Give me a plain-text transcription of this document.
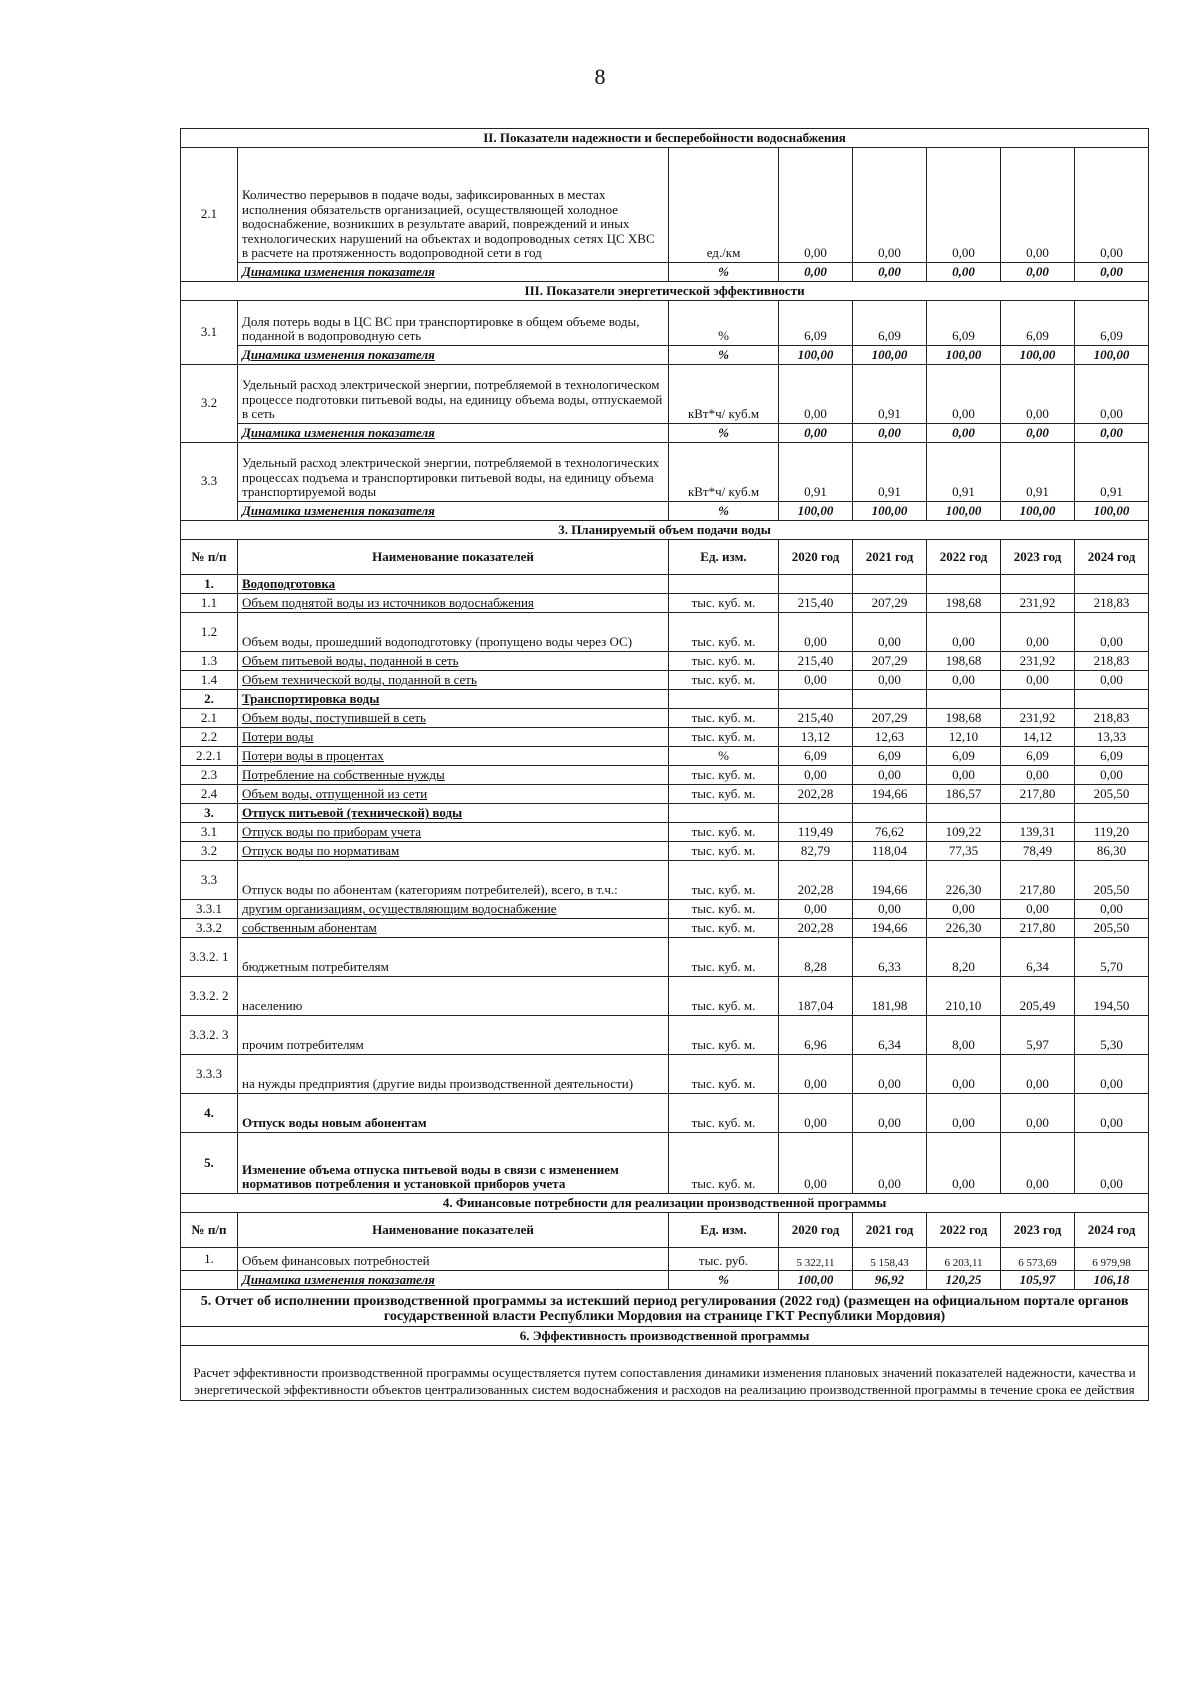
8
II. Показатели надежности и бесперебойности водоснабжения							
2.1	Количество перерывов в подаче воды, зафиксированных в местах исполнения обязательств организацией, осуществляющей холодное водоснабжение, возникших в результате аварий, повреждений и иных технологических нарушений на объектах и водопроводных сетях ЦС ХВС в расчете на протяженность водопроводной сети в год	ед./км	0,00	0,00	0,00	0,00	0,00
	Динамика изменения показателя	%	0,00	0,00	0,00	0,00	0,00
III. Показатели энергетической эффективности							
3.1	Доля потерь воды в ЦС ВС при транспортировке в общем объеме воды, поданной в водопроводную сеть	%	6,09	6,09	6,09	6,09	6,09
	Динамика изменения показателя	%	100,00	100,00	100,00	100,00	100,00
3.2	Удельный расход электрической энергии, потребляемой в технологическом процессе подготовки питьевой воды, на единицу объема воды, отпускаемой в сеть	кВт*ч/ куб.м	0,00	0,91	0,00	0,00	0,00
	Динамика изменения показателя	%	0,00	0,00	0,00	0,00	0,00
3.3	Удельный расход электрической энергии, потребляемой в технологических процессах подъема и транспортировки питьевой воды, на единицу объема транспортируемой воды	кВт*ч/ куб.м	0,91	0,91	0,91	0,91	0,91
	Динамика изменения показателя	%	100,00	100,00	100,00	100,00	100,00
3. Планируемый объем подачи воды							
№ п/п	Наименование показателей	Ед. изм.	2020 год	2021 год	2022 год	2023 год	2024 год
1.	Водоподготовка						
1.1	Объем поднятой воды из источников водоснабжения	тыс. куб. м.	215,40	207,29	198,68	231,92	218,83
1.2	Объем воды, прошедший водоподготовку (пропущено воды через ОС)	тыс. куб. м.	0,00	0,00	0,00	0,00	0,00
1.3	Объем питьевой воды, поданной в сеть	тыс. куб. м.	215,40	207,29	198,68	231,92	218,83
1.4	Объем технической воды, поданной в сеть	тыс. куб. м.	0,00	0,00	0,00	0,00	0,00
2.	Транспортировка воды						
2.1	Объем воды, поступившей в сеть	тыс. куб. м.	215,40	207,29	198,68	231,92	218,83
2.2	Потери воды	тыс. куб. м.	13,12	12,63	12,10	14,12	13,33
2.2.1	Потери воды в процентах	%	6,09	6,09	6,09	6,09	6,09
2.3	Потребление на собственные нужды	тыс. куб. м.	0,00	0,00	0,00	0,00	0,00
2.4	Объем воды, отпущенной из сети	тыс. куб. м.	202,28	194,66	186,57	217,80	205,50
3.	Отпуск питьевой (технической) воды						
3.1	Отпуск воды по приборам учета	тыс. куб. м.	119,49	76,62	109,22	139,31	119,20
3.2	Отпуск воды по нормативам	тыс. куб. м.	82,79	118,04	77,35	78,49	86,30
3.3	Отпуск воды по абонентам (категориям потребителей), всего, в т.ч.:	тыс. куб. м.	202,28	194,66	226,30	217,80	205,50
3.3.1	другим организациям, осуществляющим водоснабжение	тыс. куб. м.	0,00	0,00	0,00	0,00	0,00
3.3.2	собственным абонентам	тыс. куб. м.	202,28	194,66	226,30	217,80	205,50
3.3.2. 1	бюджетным потребителям	тыс. куб. м.	8,28	6,33	8,20	6,34	5,70
3.3.2. 2	населению	тыс. куб. м.	187,04	181,98	210,10	205,49	194,50
3.3.2. 3	прочим потребителям	тыс. куб. м.	6,96	6,34	8,00	5,97	5,30
3.3.3	на нужды предприятия (другие виды производственной деятельности)	тыс. куб. м.	0,00	0,00	0,00	0,00	0,00
4.	Отпуск воды новым абонентам	тыс. куб. м.	0,00	0,00	0,00	0,00	0,00
5.	Изменение объема отпуска питьевой воды в связи с изменением нормативов потребления и установкой приборов учета	тыс. куб. м.	0,00	0,00	0,00	0,00	0,00
4. Финансовые потребности для реализации производственной программы							
№ п/п	Наименование показателей	Ед. изм.	2020 год	2021 год	2022 год	2023 год	2024 год
1.	Объем финансовых потребностей	тыс. руб.	5 322,11	5 158,43	6 203,11	6 573,69	6 979,98
	Динамика изменения показателя	%	100,00	96,92	120,25	105,97	106,18
5. Отчет об исполнении производственной программы за истекший период регулирования (2022 год) (размещен на официальном портале органов государственной власти Республики Мордовия на странице ГКТ Республики Мордовия)							
6. Эффективность производственной программы							
Расчет эффективности производственной программы осуществляется путем сопоставления динамики изменения плановых значений показателей надежности, качества и энергетической эффективности объектов централизованных систем водоснабжения и расходов на реализацию производственной программы в течение срока ее действия							
